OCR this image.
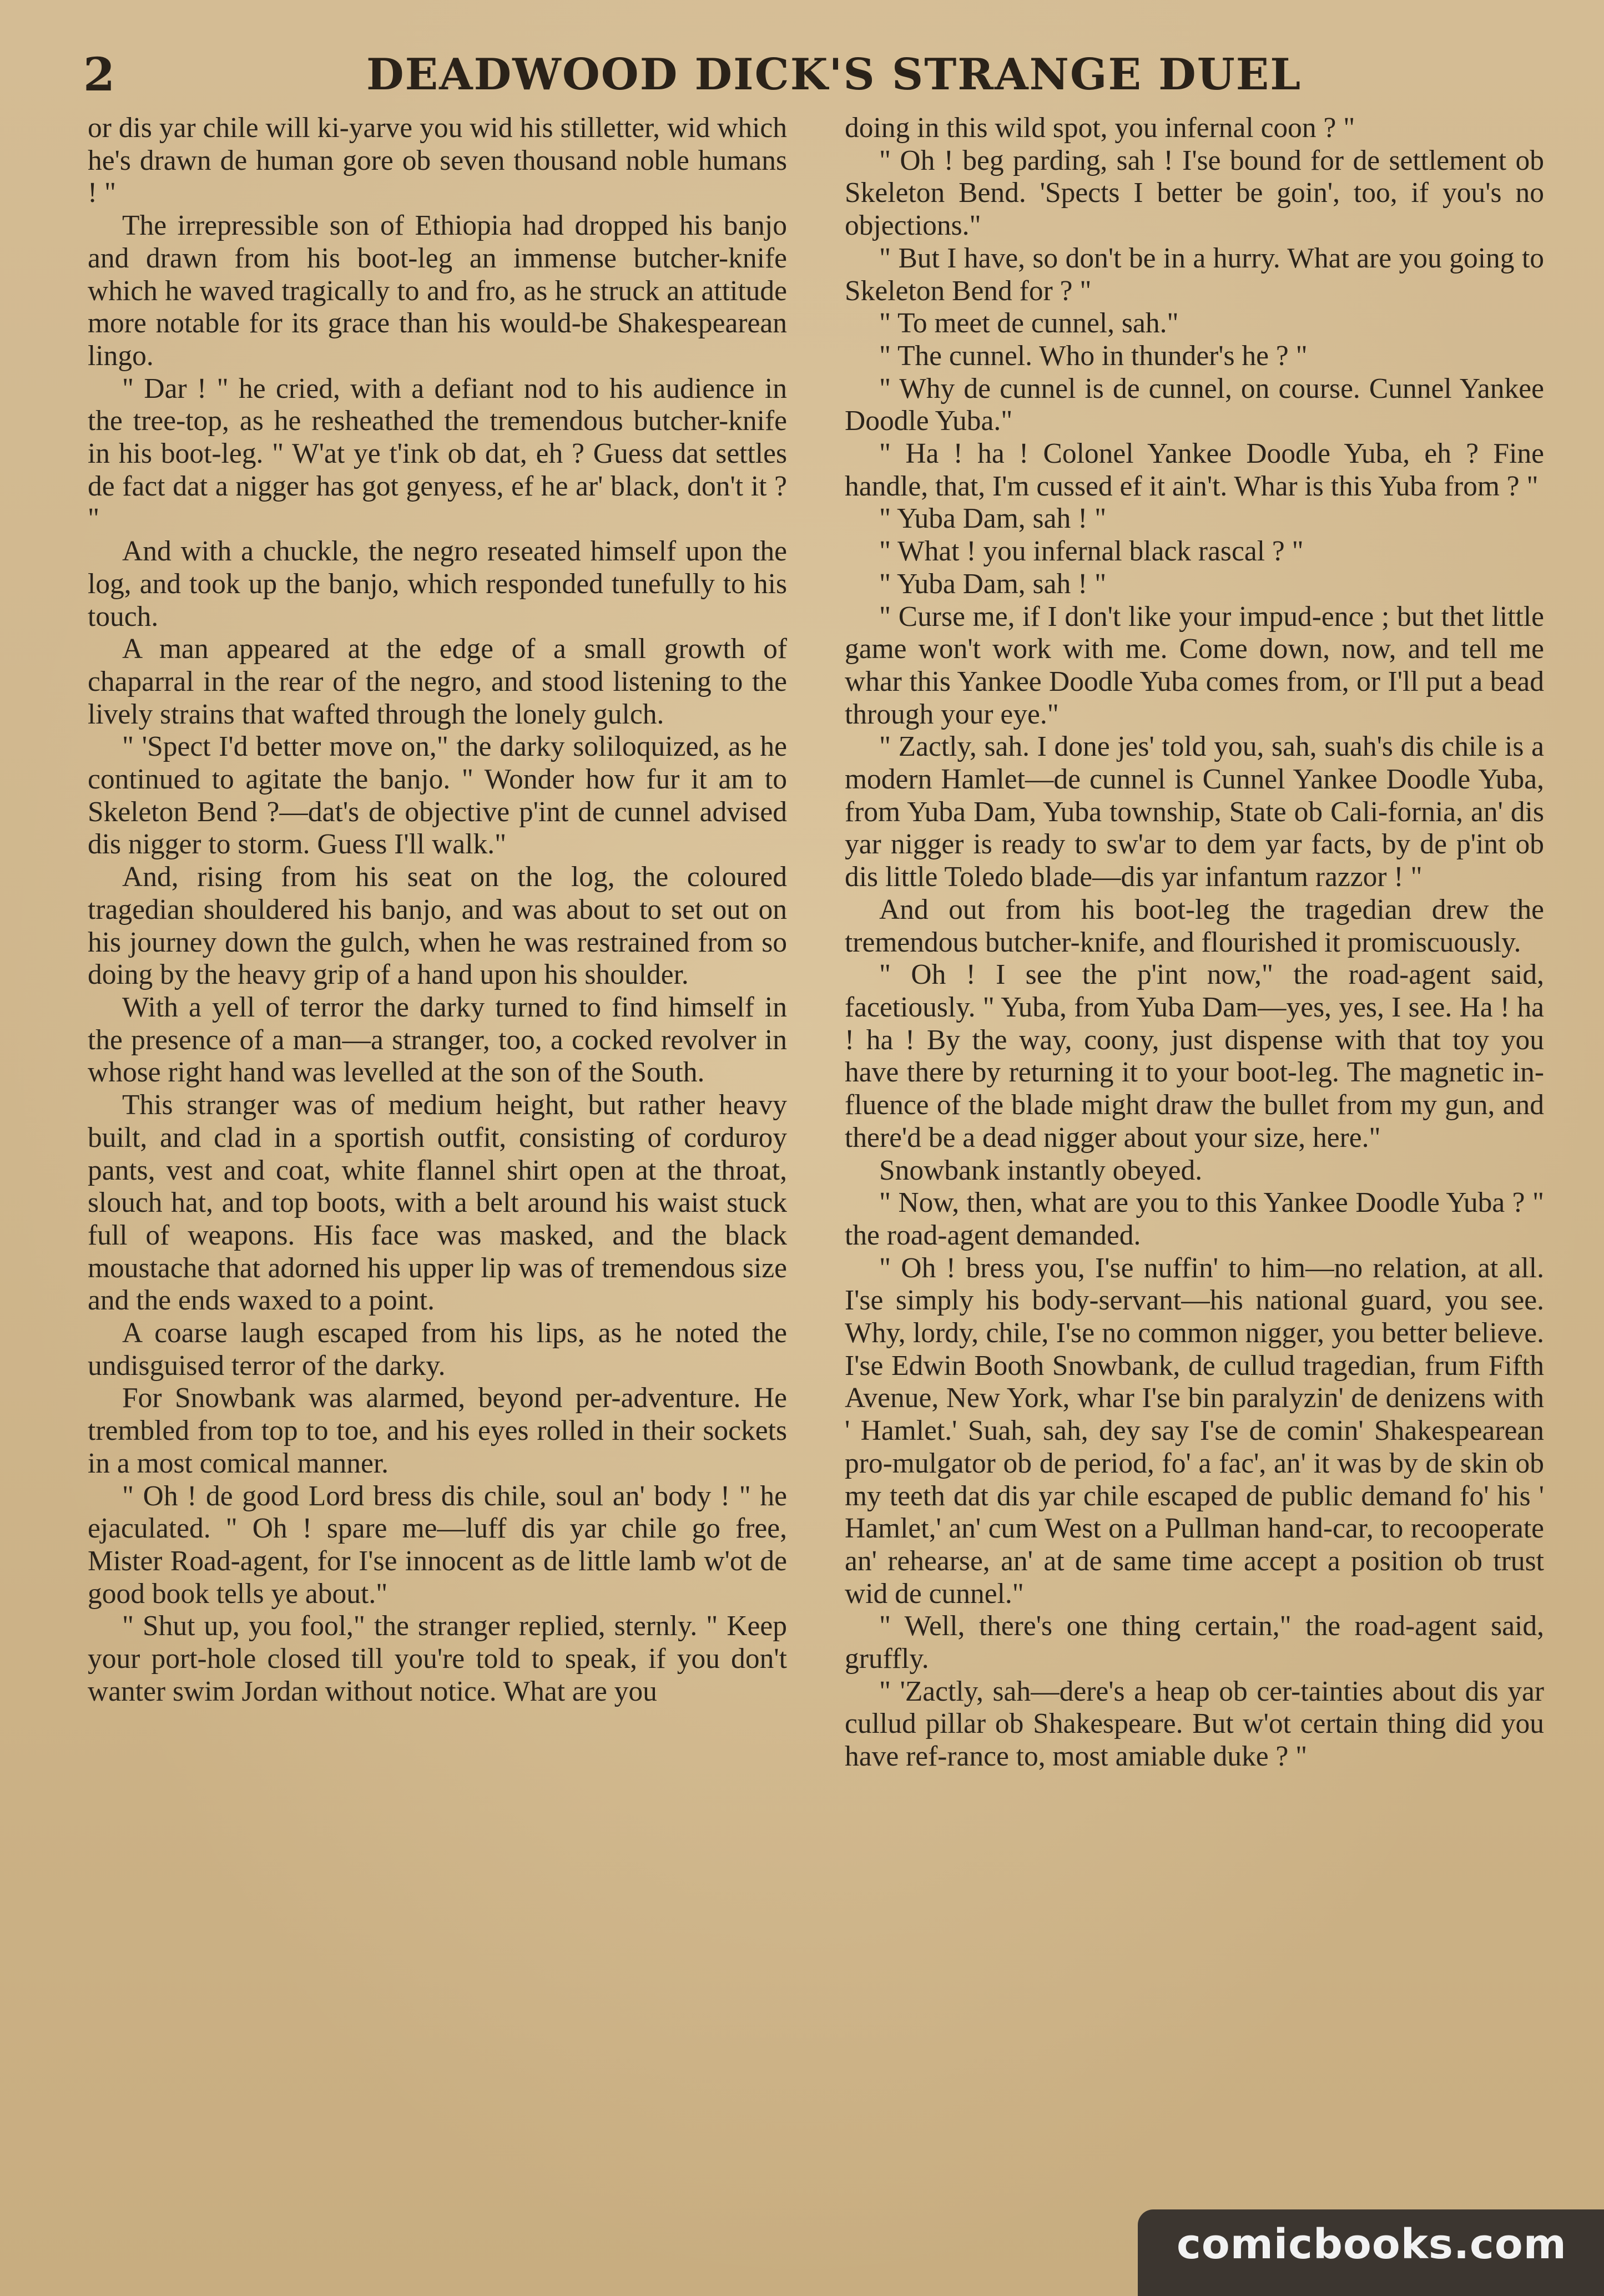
2	DEADWOOD DICK'S STRANGE DUEL

or dis yar chile will ki-yarve you wid his stilletter, wid which he's drawn de human gore ob seven thousand noble humans ! "

The irrepressible son of Ethiopia had dropped his banjo and drawn from his boot-leg an immense butcher-knife which he waved tragically to and fro, as he struck an attitude more notable for its grace than his would-be Shakespearean lingo.

" Dar ! " he cried, with a defiant nod to his audience in the tree-top, as he resheathed the tremendous butcher-knife in his boot-leg. " W'at ye t'ink ob dat, eh ? Guess dat settles de fact dat a nigger has got genyess, ef he ar' black, don't it ? "

And with a chuckle, the negro reseated himself upon the log, and took up the banjo, which responded tunefully to his touch.

A man appeared at the edge of a small growth of chaparral in the rear of the negro, and stood listening to the lively strains that wafted through the lonely gulch.

" 'Spect I'd better move on," the darky soliloquized, as he continued to agitate the banjo. " Wonder how fur it am to Skeleton Bend ?—dat's de objective p'int de cunnel advised dis nigger to storm. Guess I'll walk."

And, rising from his seat on the log, the coloured tragedian shouldered his banjo, and was about to set out on his journey down the gulch, when he was restrained from so doing by the heavy grip of a hand upon his shoulder.

With a yell of terror the darky turned to find himself in the presence of a man—a stranger, too, a cocked revolver in whose right hand was levelled at the son of the South.

This stranger was of medium height, but rather heavy built, and clad in a sportish outfit, consisting of corduroy pants, vest and coat, white flannel shirt open at the throat, slouch hat, and top boots, with a belt around his waist stuck full of weapons. His face was masked, and the black moustache that adorned his upper lip was of tremendous size and the ends waxed to a point.

A coarse laugh escaped from his lips, as he noted the undisguised terror of the darky.

For Snowbank was alarmed, beyond per-adventure. He trembled from top to toe, and his eyes rolled in their sockets in a most comical manner.

" Oh ! de good Lord bress dis chile, soul an' body ! " he ejaculated. " Oh ! spare me—luff dis yar chile go free, Mister Road-agent, for I'se innocent as de little lamb w'ot de good book tells ye about."

" Shut up, you fool," the stranger replied, sternly. " Keep your port-hole closed till you're told to speak, if you don't wanter swim Jordan without notice. What are you

doing in this wild spot, you infernal coon ? "

" Oh ! beg parding, sah ! I'se bound for de settlement ob Skeleton Bend. 'Spects I better be goin', too, if you's no objections."

" But I have, so don't be in a hurry. What are you going to Skeleton Bend for ? "

" To meet de cunnel, sah."

" The cunnel. Who in thunder's he ? "

" Why de cunnel is de cunnel, on course. Cunnel Yankee Doodle Yuba."

" Ha ! ha ! Colonel Yankee Doodle Yuba, eh ? Fine handle, that, I'm cussed ef it ain't. Whar is this Yuba from ? "

" Yuba Dam, sah ! "

" What ! you infernal black rascal ? "

" Yuba Dam, sah ! "

" Curse me, if I don't like your impud-ence ; but thet little game won't work with me. Come down, now, and tell me whar this Yankee Doodle Yuba comes from, or I'll put a bead through your eye."

" Zactly, sah. I done jes' told you, sah, suah's dis chile is a modern Hamlet—de cunnel is Cunnel Yankee Doodle Yuba, from Yuba Dam, Yuba township, State ob Cali-fornia, an' dis yar nigger is ready to sw'ar to dem yar facts, by de p'int ob dis little Toledo blade—dis yar infantum razzor ! "

And out from his boot-leg the tragedian drew the tremendous butcher-knife, and flourished it promiscuously.

" Oh ! I see the p'int now," the road-agent said, facetiously. " Yuba, from Yuba Dam—yes, yes, I see. Ha ! ha ! ha ! By the way, coony, just dispense with that toy you have there by returning it to your boot-leg. The magnetic in-fluence of the blade might draw the bullet from my gun, and there'd be a dead nigger about your size, here."

Snowbank instantly obeyed.

" Now, then, what are you to this Yankee Doodle Yuba ? " the road-agent demanded.

" Oh ! bress you, I'se nuffin' to him—no relation, at all. I'se simply his body-servant—his national guard, you see. Why, lordy, chile, I'se no common nigger, you better believe. I'se Edwin Booth Snowbank, de cullud tragedian, frum Fifth Avenue, New York, whar I'se bin paralyzin' de denizens with ' Hamlet.' Suah, sah, dey say I'se de comin' Shakespearean pro-mulgator ob de period, fo' a fac', an' it was by de skin ob my teeth dat dis yar chile escaped de public demand fo' his ' Hamlet,' an' cum West on a Pullman hand-car, to recooperate an' rehearse, an' at de same time accept a position ob trust wid de cunnel."

" Well, there's one thing certain," the road-agent said, gruffly.

" 'Zactly, sah—dere's a heap ob cer-tainties about dis yar cullud pillar ob Shakespeare. But w'ot certain thing did you have ref-rance to, most amiable duke ? "

comicbooks.com
